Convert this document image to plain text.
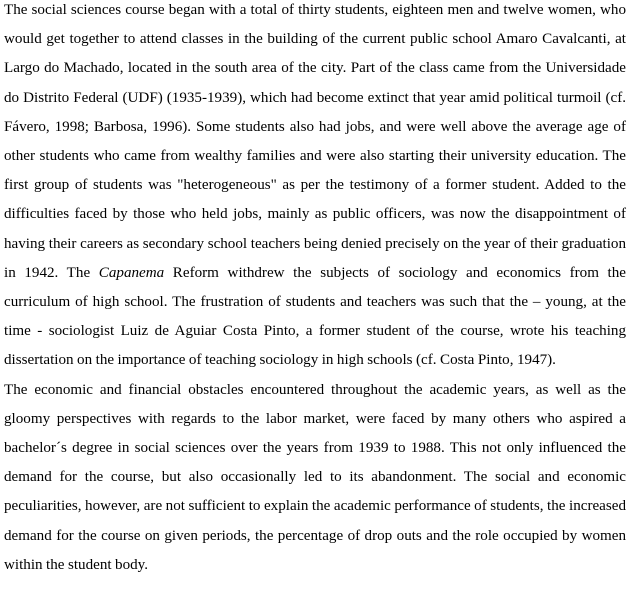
The social sciences course began with a total of thirty students, eighteen men and twelve women, who would get together to attend classes in the building of the current public school Amaro Cavalcanti, at Largo do Machado, located in the south area of the city. Part of the class came from the Universidade do Distrito Federal (UDF) (1935-1939), which had become extinct that year amid political turmoil (cf. Fávero, 1998; Barbosa, 1996). Some students also had jobs, and were well above the average age of other students who came from wealthy families and were also starting their university education. The first group of students was "heterogeneous" as per the testimony of a former student. Added to the difficulties faced by those who held jobs, mainly as public officers, was now the disappointment of having their careers as secondary school teachers being denied precisely on the year of their graduation in 1942. The Capanema Reform withdrew the subjects of sociology and economics from the curriculum of high school. The frustration of students and teachers was such that the – young, at the time - sociologist Luiz de Aguiar Costa Pinto, a former student of the course, wrote his teaching dissertation on the importance of teaching sociology in high schools (cf. Costa Pinto, 1947).

The economic and financial obstacles encountered throughout the academic years, as well as the gloomy perspectives with regards to the labor market, were faced by many others who aspired a bachelor´s degree in social sciences over the years from 1939 to 1988. This not only influenced the demand for the course, but also occasionally led to its abandonment. The social and economic peculiarities, however, are not sufficient to explain the academic performance of students, the increased demand for the course on given periods, the percentage of drop outs and the role occupied by women within the student body.
